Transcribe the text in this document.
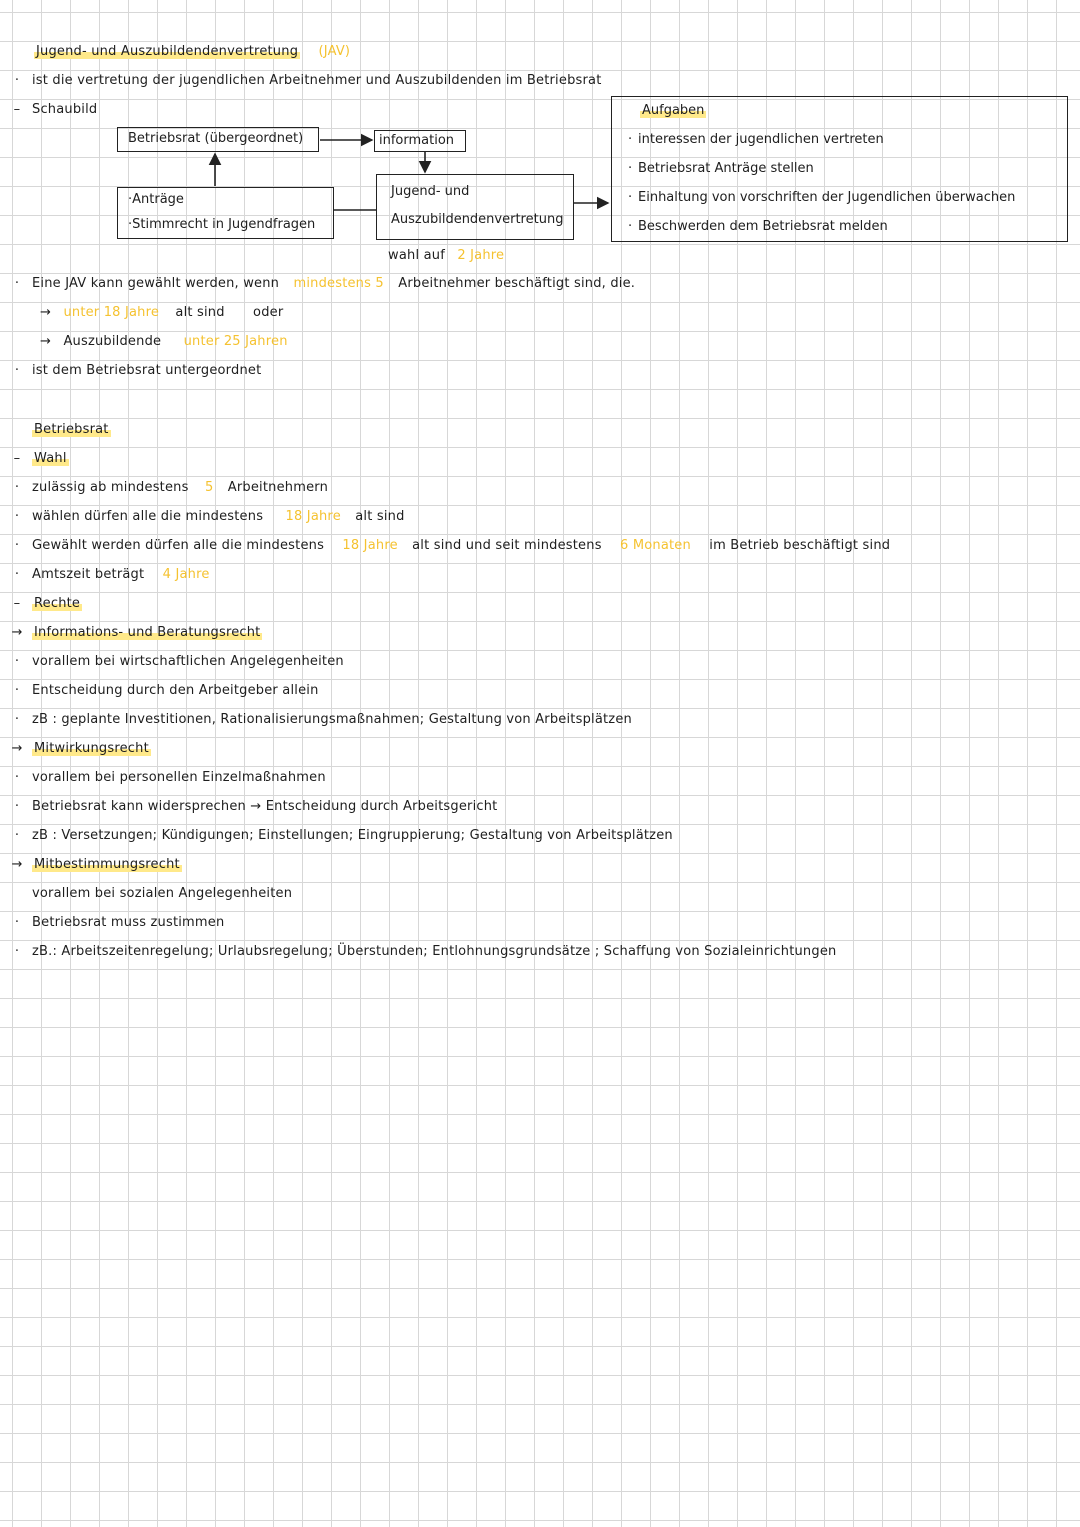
Jugend- und Auszubildendenvertretung (JAV)
· ist die vertretung der jugendlichen Arbeitnehmer und Auszubildenden im Betriebsrat
– Schaubild
Betriebsrat (übergeordnet)	information
·Anträge
·Stimmrecht in Jugendfragen
Jugend- und
Auszubildendenvertretung
wahl auf 2 Jahre
Aufgaben
· interessen der jugendlichen vertreten
· Betriebsrat Anträge stellen
· Einhaltung von vorschriften der Jugendlichen überwachen
· Beschwerden dem Betriebsrat melden
· Eine JAV kann gewählt werden, wenn mindestens 5 Arbeitnehmer beschäftigt sind, die.
→ unter 18 Jahre alt sind oder
→ Auszubildende unter 25 Jahren
· ist dem Betriebsrat untergeordnet
Betriebsrat
– Wahl
· zulässig ab mindestens 5 Arbeitnehmern
· wählen dürfen alle die mindestens 18 Jahre alt sind
· Gewählt werden dürfen alle die mindestens 18 Jahre alt sind und seit mindestens 6 Monaten im Betrieb beschäftigt sind
· Amtszeit beträgt 4 Jahre
– Rechte
→ Informations- und Beratungsrecht
· vorallem bei wirtschaftlichen Angelegenheiten
· Entscheidung durch den Arbeitgeber allein
· zB : geplante Investitionen, Rationalisierungsmaßnahmen; Gestaltung von Arbeitsplätzen
→ Mitwirkungsrecht
· vorallem bei personellen Einzelmaßnahmen
· Betriebsrat kann widersprechen → Entscheidung durch Arbeitsgericht
· zB : Versetzungen; Kündigungen; Einstellungen; Eingruppierung; Gestaltung von Arbeitsplätzen
→ Mitbestimmungsrecht
vorallem bei sozialen Angelegenheiten
· Betriebsrat muss zustimmen
· zB.: Arbeitszeitenregelung; Urlaubsregelung; Überstunden; Entlohnungsgrundsätze ; Schaffung von Sozialeinrichtungen
